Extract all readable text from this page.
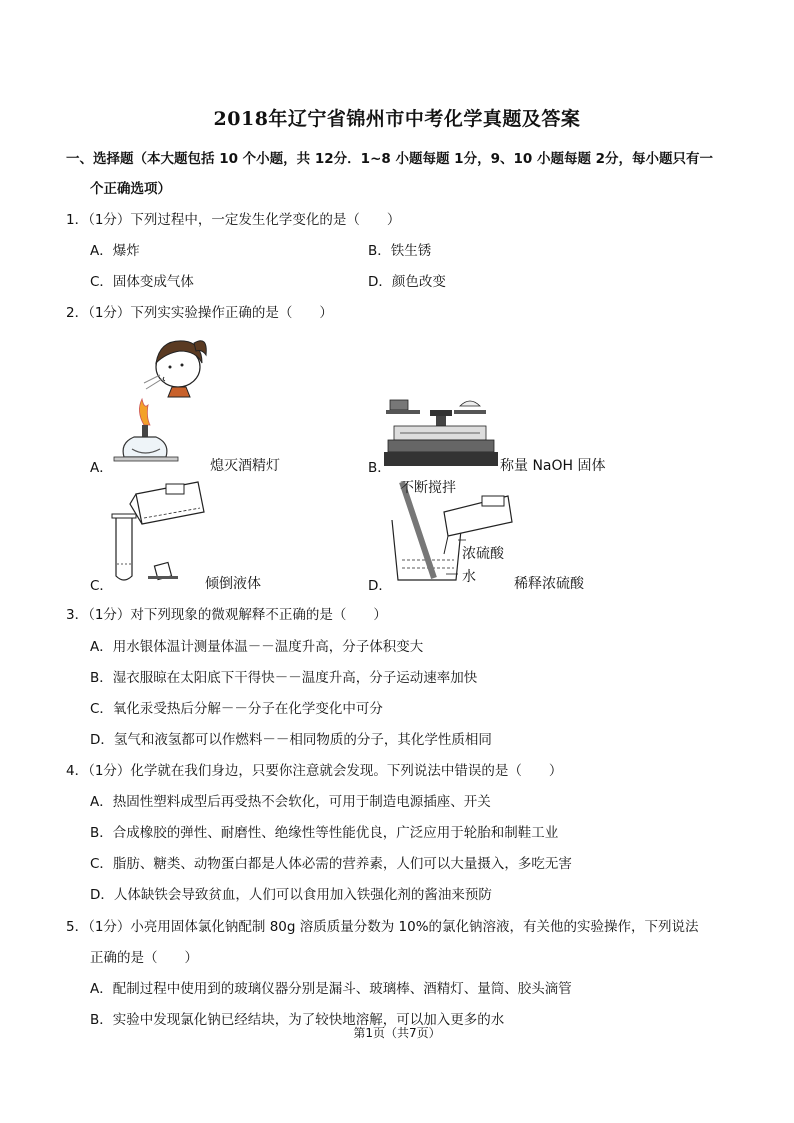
2018年辽宁省锦州市中考化学真题及答案
一、选择题（本大题包括 10 个小题，共 12分．1~8 小题每题 1分，9、10 小题每题 2分，每小题只有一
个正确选项）
1．（1分）下列过程中，一定发生化学变化的是（　　）
A．爆炸	B．铁生锈
C．固体变成气体	D．颜色改变
2．（1分）下列实实验操作正确的是（　　）
A．	熄灭酒精灯	B．	称量 NaOH 固体
C．	倾倒液体
不断搅拌
浓硫酸
水
D．	稀释浓硫酸
3．（1分）对下列现象的微观解释不正确的是（　　）
A．用水银体温计测量体温－－温度升高，分子体积变大
B．湿衣服晾在太阳底下干得快－－温度升高，分子运动速率加快
C．氧化汞受热后分解－－分子在化学变化中可分
D．氢气和液氢都可以作燃料－－相同物质的分子，其化学性质相同
4．（1分）化学就在我们身边，只要你注意就会发现。下列说法中错误的是（　　）
A．热固性塑料成型后再受热不会软化，可用于制造电源插座、开关
B．合成橡胶的弹性、耐磨性、绝缘性等性能优良，广泛应用于轮胎和制鞋工业
C．脂肪、糖类、动物蛋白都是人体必需的营养素，人们可以大量摄入，多吃无害
D．人体缺铁会导致贫血，人们可以食用加入铁强化剂的酱油来预防
5．（1分）小亮用固体氯化钠配制 80g 溶质质量分数为 10%的氯化钠溶液，有关他的实验操作，下列说法
正确的是（　　）
A．配制过程中使用到的玻璃仪器分别是漏斗、玻璃棒、酒精灯、量筒、胶头滴管
B．实验中发现氯化钠已经结块，为了较快地溶解，可以加入更多的水
第1页（共7页）
